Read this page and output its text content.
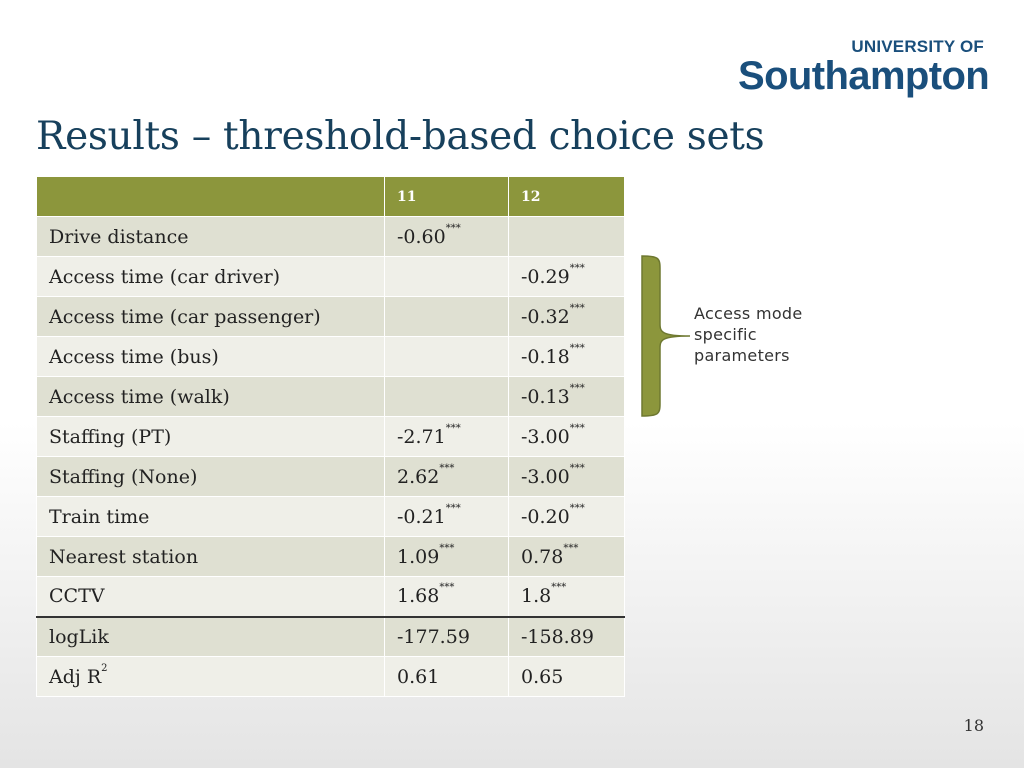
UNIVERSITY OF
Southampton
Results – threshold-based choice sets
	11	12
Drive distance	-0.60***	
Access time (car driver)		-0.29***
Access time (car passenger)		-0.32***
Access time (bus)		-0.18***
Access time (walk)		-0.13***
Staffing (PT)	-2.71***	-3.00***
Staffing (None)	2.62***	-3.00***
Train time	-0.21***	-0.20***
Nearest station	1.09***	0.78***
CCTV	1.68***	1.8***
logLik	-177.59	-158.89
Adj $R^2$	0.61	0.65
Access mode specific parameters
18
